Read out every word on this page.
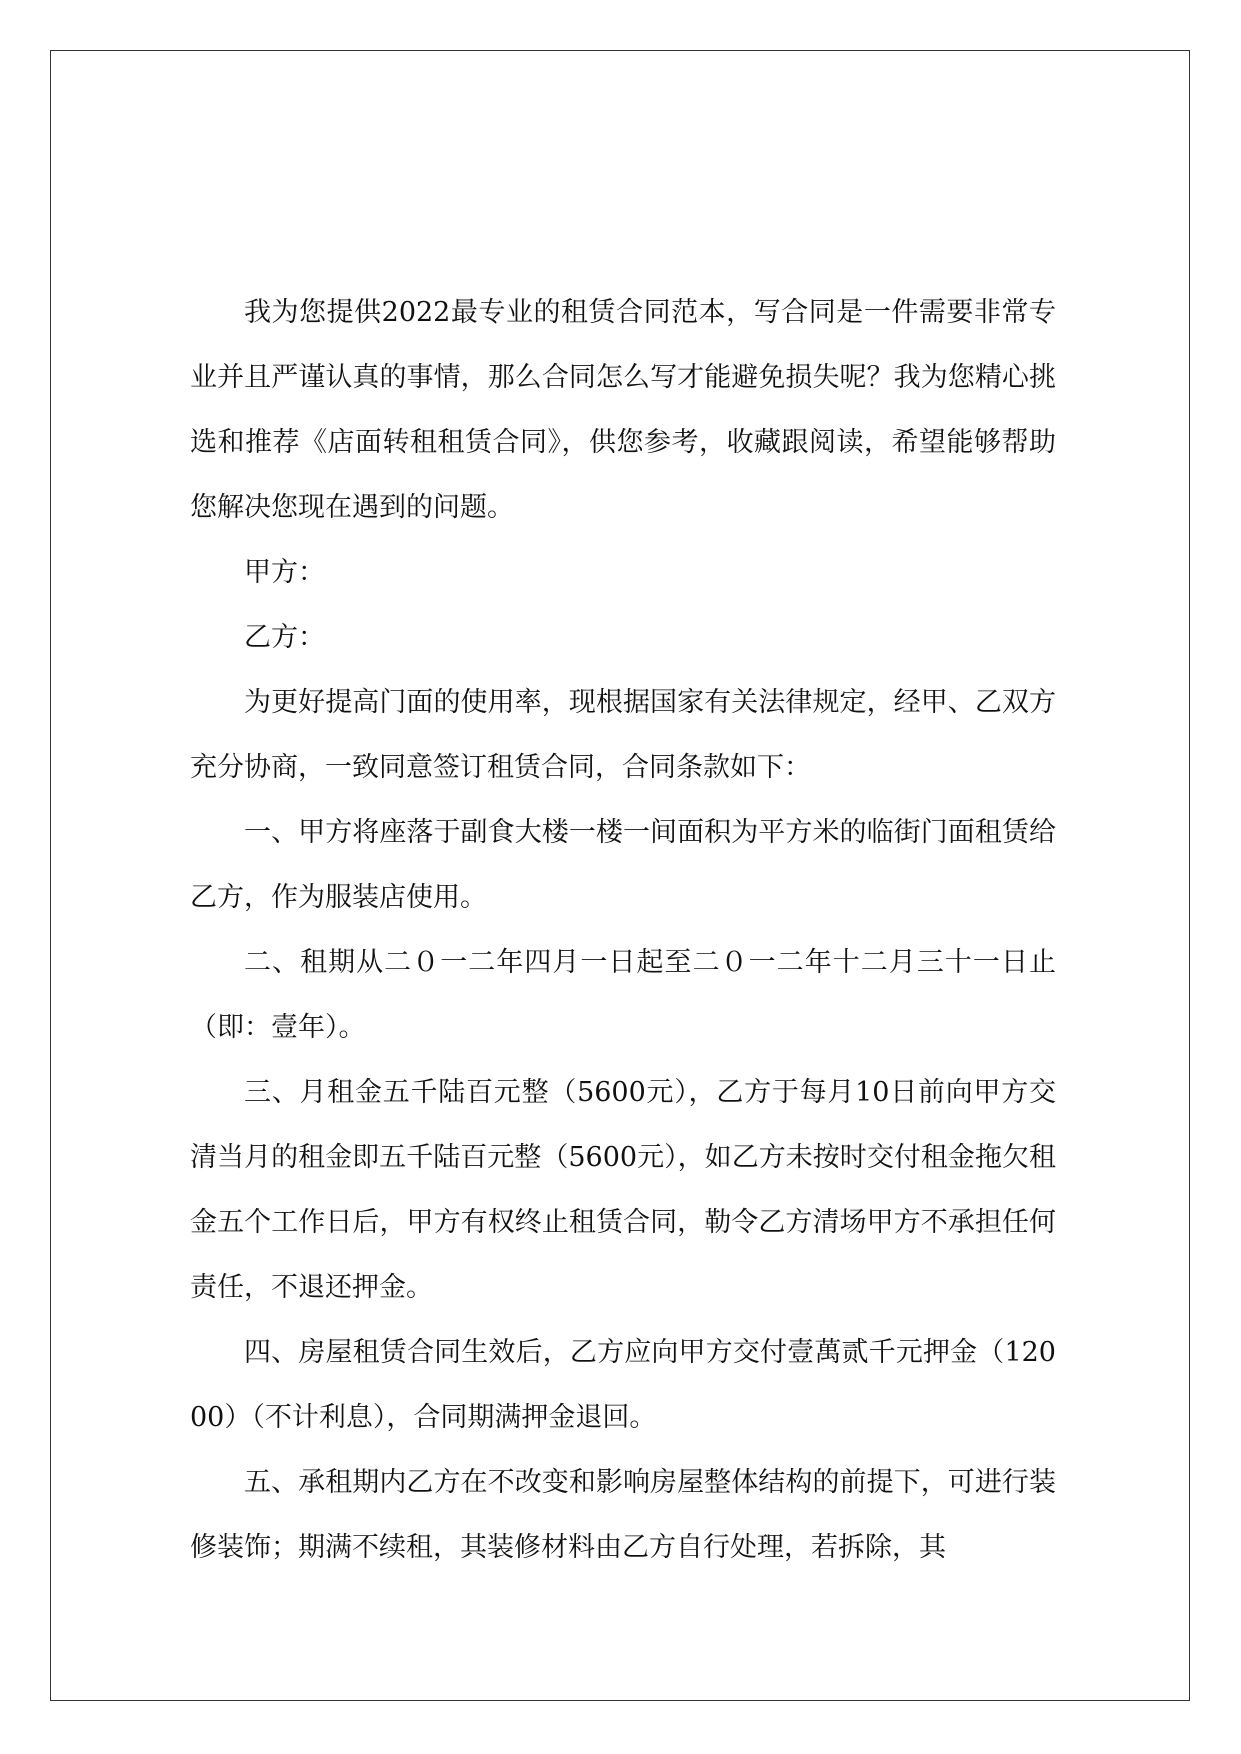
我为您提供2022最专业的租赁合同范本，写合同是一件需要非常专业并且严谨认真的事情，那么合同怎么写才能避免损失呢？我为您精心挑选和推荐《店面转租租赁合同》，供您参考，收藏跟阅读，希望能够帮助您解决您现在遇到的问题。

甲方：

乙方：

为更好提高门面的使用率，现根据国家有关法律规定，经甲、乙双方充分协商，一致同意签订租赁合同，合同条款如下：

一、甲方将座落于副食大楼一楼一间面积为平方米的临街门面租赁给乙方，作为服装店使用。

二、租期从二０一二年四月一日起至二０一二年十二月三十一日止（即：壹年）。

三、月租金五千陆百元整（5600元），乙方于每月10日前向甲方交清当月的租金即五千陆百元整（5600元），如乙方未按时交付租金拖欠租金五个工作日后，甲方有权终止租赁合同，勒令乙方清场甲方不承担任何责任，不退还押金。

四、房屋租赁合同生效后，乙方应向甲方交付壹萬贰千元押金（12000）（不计利息），合同期满押金退回。

五、承租期内乙方在不改变和影响房屋整体结构的前提下，可进行装修装饰；期满不续租，其装修材料由乙方自行处理，若拆除，其
